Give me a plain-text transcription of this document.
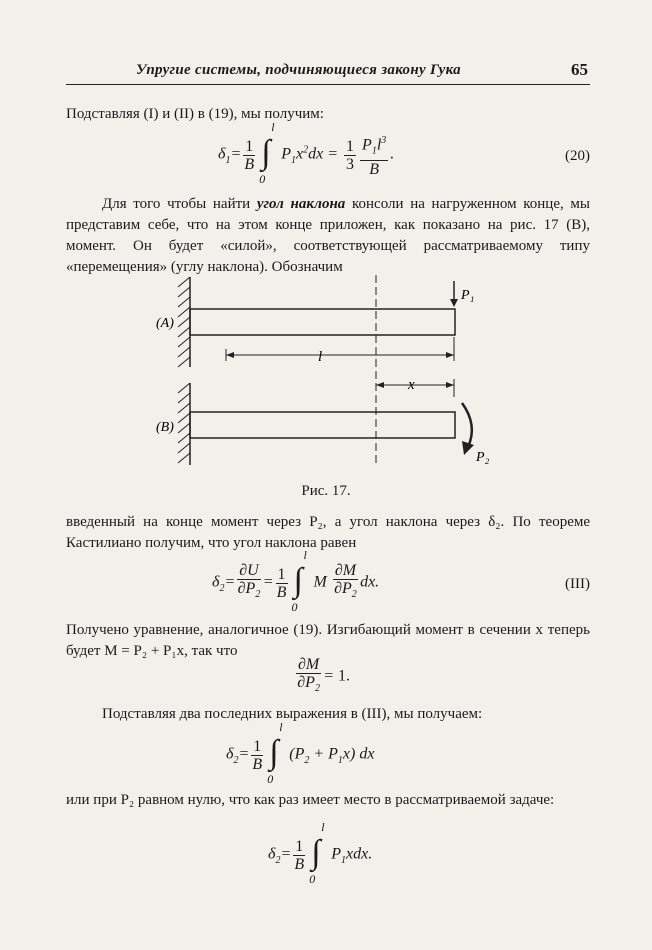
Упругие системы, подчиняющиеся закону Гука	65
Подставляя (I) и (II) в (19), мы получим:
$\delta_1= \frac{1}{B}$ ∫
l
0
$P_1x^2dx = \frac{1}{3} \frac{P_1l^3}{B}$ .	(20)
Для того чтобы найти угол наклона консоли на нагруженном конце, мы представим себе, что на этом конце приложен, как показано на рис. 17 (B), момент. Он будет «силой», соответствующей рассматриваемому типу «перемещения» (углу наклона). Обозначим
(A)
(B)
l
x
P₁
P₂
Рис. 17.
введенный на конце момент через P₂, а угол наклона через δ₂. По теореме Кастилиано получим, что угол наклона равен
$\delta_2= \frac{\partial U}{\partial P_2} = \frac{1}{B}$ ∫
l
0
M $\frac{\partial M}{\partial P_2}$ dx.	(III)
Получено уравнение, аналогичное (19). Изгибающий момент в сечении x теперь будет M = P₂ + P₁x, так что
$\frac{\partial M}{\partial P_2} = 1$.
Подставляя два последних выражения в (III), мы получаем:
$\delta_2= \frac{1}{B}$ ∫
l
0
$(P_2 + P_1x)$ dx
или при P₂ равном нулю, что как раз имеет место в рассматриваемой задаче:
$\delta_2= \frac{1}{B}$ ∫
l
0
$P_1xdx$.
